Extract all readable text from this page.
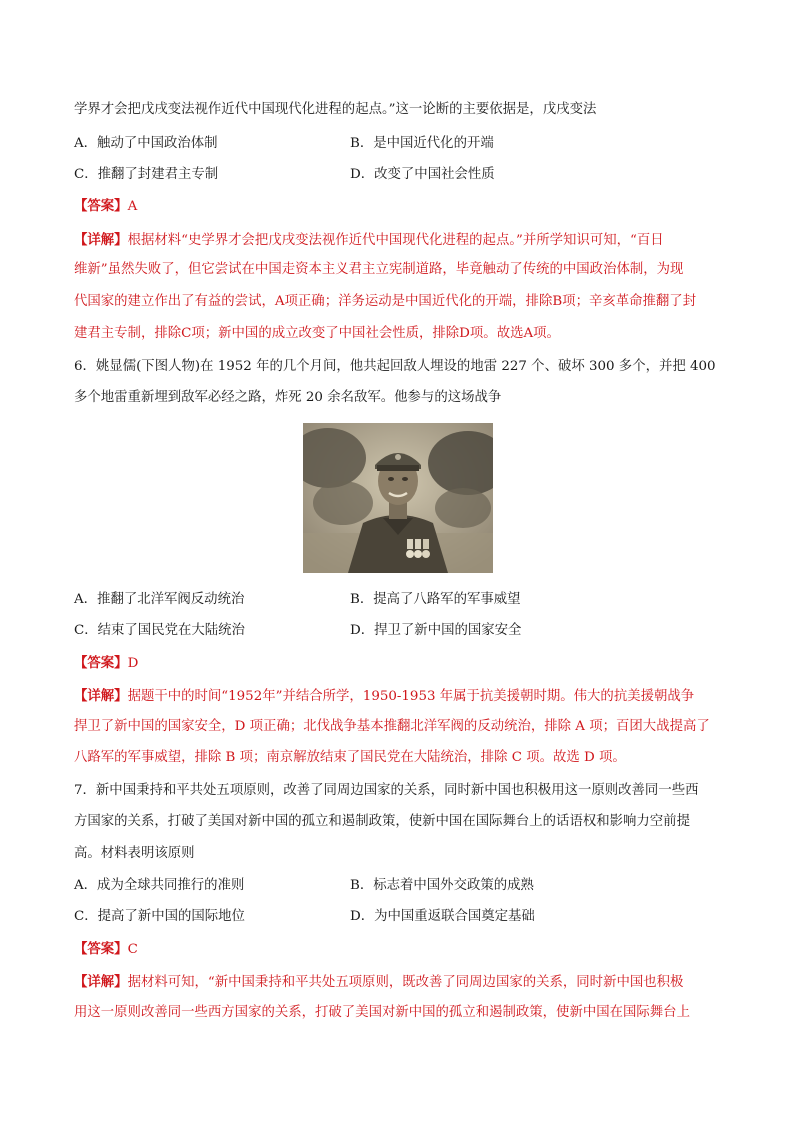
学界才会把戊戌变法视作近代中国现代化进程的起点。”这一论断的主要依据是，戊戌变法
A．触动了中国政治体制	B．是中国近代化的开端
C．推翻了封建君主专制	D．改变了中国社会性质
【答案】A
【详解】根据材料“史学界才会把戊戌变法视作近代中国现代化进程的起点。”并所学知识可知，“百日
维新”虽然失败了，但它尝试在中国走资本主义君主立宪制道路，毕竟触动了传统的中国政治体制，为现
代国家的建立作出了有益的尝试，A项正确；洋务运动是中国近代化的开端，排除B项；辛亥革命推翻了封
建君主专制，排除C项；新中国的成立改变了中国社会性质，排除D项。故选A项。
6．姚显儒(下图人物)在 1952 年的几个月间，他共起回敌人埋设的地雷 227 个、破坏 300 多个，并把 400
多个地雷重新埋到敌军必经之路，炸死 20 余名敌军。他参与的这场战争
A．推翻了北洋军阀反动统治	B．提高了八路军的军事威望
C．结束了国民党在大陆统治	D．捍卫了新中国的国家安全
【答案】D
【详解】据题干中的时间“1952年”并结合所学，1950-1953 年属于抗美援朝时期。伟大的抗美援朝战争
捍卫了新中国的国家安全，D 项正确；北伐战争基本推翻北洋军阀的反动统治，排除 A 项；百团大战提高了
八路军的军事威望，排除 B 项；南京解放结束了国民党在大陆统治，排除 C 项。故选 D 项。
7．新中国秉持和平共处五项原则，改善了同周边国家的关系，同时新中国也积极用这一原则改善同一些西
方国家的关系，打破了美国对新中国的孤立和遏制政策，使新中国在国际舞台上的话语权和影响力空前提
高。材料表明该原则
A．成为全球共同推行的准则	B．标志着中国外交政策的成熟
C．提高了新中国的国际地位	D．为中国重返联合国奠定基础
【答案】C
【详解】据材料可知，“新中国秉持和平共处五项原则，既改善了同周边国家的关系，同时新中国也积极
用这一原则改善同一些西方国家的关系，打破了美国对新中国的孤立和遏制政策，使新中国在国际舞台上
